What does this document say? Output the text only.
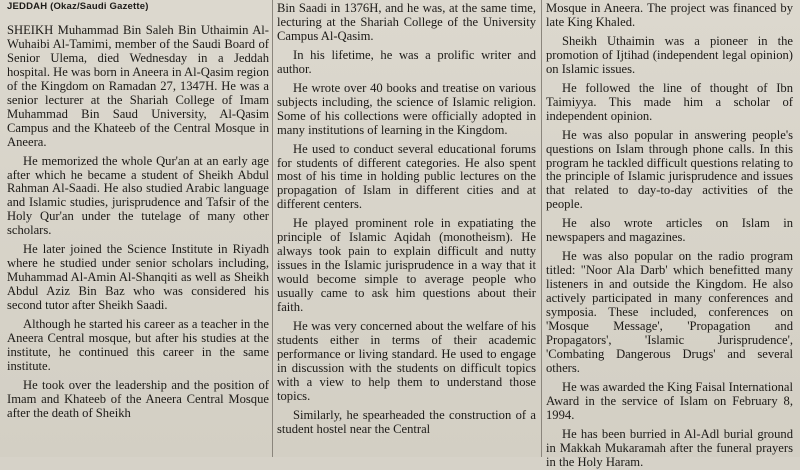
JEDDAH (Okaz/Saudi Gazette)

SHEIKH Muhammad Bin Saleh Bin Uthaimin Al-Wuhaibi Al-Tamimi, member of the Saudi Board of Senior Ulema, died Wednesday in a Jeddah hospital. He was born in Aneera in Al-Qasim region of the Kingdom on Ramadan 27, 1347H. He was a senior lecturer at the Shariah College of Imam Muhammad Bin Saud University, Al-Qasim Campus and the Khateeb of the Central Mosque in Aneera.

He memorized the whole Qur'an at an early age after which he became a student of Sheikh Abdul Rahman Al-Saadi. He also studied Arabic language and Islamic studies, jurisprudence and Tafsir of the Holy Qur'an under the tutelage of many other scholars.

He later joined the Science Institute in Riyadh where he studied under senior scholars including, Muhammad Al-Amin Al-Shanqiti as well as Sheikh Abdul Aziz Bin Baz who was considered his second tutor after Sheikh Saadi.

Although he started his career as a teacher in the Aneera Central mosque, but after his studies at the institute, he continued this career in the same institute.

He took over the leadership and the position of Imam and Khateeb of the Aneera Central Mosque after the death of Sheikh

Bin Saadi in 1376H, and he was, at the same time, lecturing at the Shariah College of the University Campus Al-Qasim.

In his lifetime, he was a prolific writer and author.

He wrote over 40 books and treatise on various subjects including, the science of Islamic religion. Some of his collections were officially adopted in many institutions of learning in the Kingdom.

He used to conduct several educational forums for students of different categories. He also spent most of his time in holding public lectures on the propagation of Islam in different cities and at different centers.

He played prominent role in expatiating the principle of Islamic Aqidah (monotheism). He always took pain to explain difficult and nutty issues in the Islamic jurisprudence in a way that it would become simple to average people who usually came to ask him questions about their faith.

He was very concerned about the welfare of his students either in terms of their academic performance or living standard. He used to engage in discussion with the students on difficult topics with a view to help them to understand those topics.

Similarly, he spearheaded the construction of a student hostel near the Central

Mosque in Aneera. The project was financed by late King Khaled.

Sheikh Uthaimin was a pioneer in the promotion of Ijtihad (independent legal opinion) on Islamic issues.

He followed the line of thought of Ibn Taimiyya. This made him a scholar of independent opinion.

He was also popular in answering people's questions on Islam through phone calls. In this program he tackled difficult questions relating to the principle of Islamic jurisprudence and issues that related to day-to-day activities of the people.

He also wrote articles on Islam in newspapers and magazines.

He was also popular on the radio program titled: "Noor Ala Darb' which benefitted many listeners in and outside the Kingdom. He also actively participated in many conferences and symposia. These included, conferences on 'Mosque Message', 'Propagation and Propagators', 'Islamic Jurisprudence', 'Combating Dangerous Drugs' and several others.

He was awarded the King Faisal International Award in the service of Islam on February 8, 1994.

He has been burried in Al-Adl burial ground in Makkah Mukaramah after the funeral prayers in the Holy Haram.
